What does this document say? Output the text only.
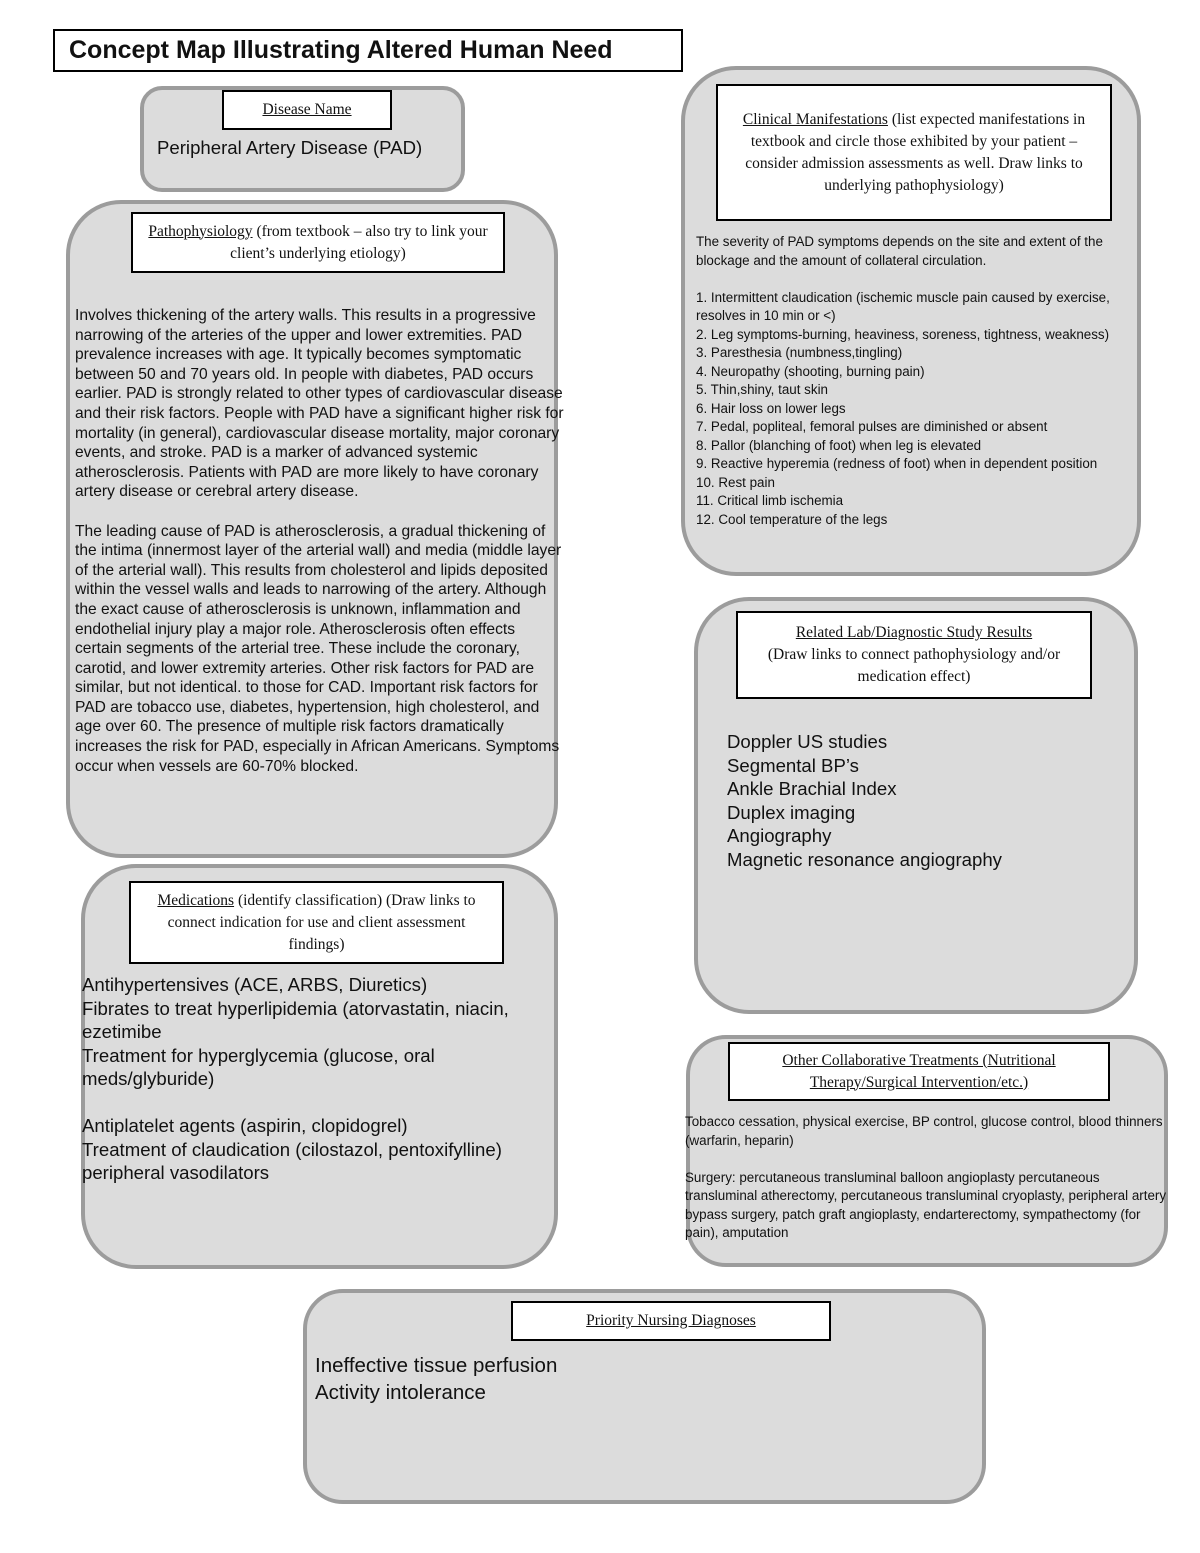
Concept Map Illustrating Altered Human Need
Disease Name
Peripheral Artery Disease (PAD)
Pathophysiology (from textbook – also try to link your client’s underlying etiology)
Involves thickening of the artery walls. This results in a progressive narrowing of the arteries of the upper and lower extremities. PAD prevalence increases with age. It typically becomes symptomatic between 50 and 70 years old. In people with diabetes, PAD occurs earlier. PAD is strongly related to other types of cardiovascular disease and their risk factors. People with PAD have a significant higher risk for mortality (in general), cardiovascular disease mortality, major coronary events, and stroke. PAD is a marker of advanced systemic atherosclerosis. Patients with PAD are more likely to have coronary artery disease or cerebral artery disease.
The leading cause of PAD is atherosclerosis, a gradual thickening of the intima (innermost layer of the arterial wall) and media (middle layer of the arterial wall). This results from cholesterol and lipids deposited within the vessel walls and leads to narrowing of the artery. Although the exact cause of atherosclerosis is unknown, inflammation and endothelial injury play a major role. Atherosclerosis often effects certain segments of the arterial tree. These include the coronary, carotid, and lower extremity arteries. Other risk factors for PAD are similar, but not identical. to those for CAD. Important risk factors for PAD are tobacco use, diabetes, hypertension, high cholesterol, and age over 60. The presence of multiple risk factors dramatically increases the risk for PAD, especially in African Americans. Symptoms occur when vessels are 60-70% blocked.
Clinical Manifestations (list expected manifestations in textbook and circle those exhibited by your patient – consider admission assessments as well. Draw links to underlying pathophysiology)
The severity of PAD symptoms depends on the site and extent of the blockage and the amount of collateral circulation.
1. Intermittent claudication (ischemic muscle pain caused by exercise, resolves in 10 min or <)
2. Leg symptoms-burning, heaviness, soreness, tightness, weakness)
3. Paresthesia (numbness,tingling)
4. Neuropathy (shooting, burning pain)
5. Thin,shiny, taut skin
6. Hair loss on lower legs
7. Pedal, popliteal, femoral pulses are diminished or absent
8. Pallor (blanching of foot) when leg is elevated
9. Reactive hyperemia (redness of foot) when in dependent position
10. Rest pain
11. Critical limb ischemia
12. Cool temperature of the legs
Related Lab/Diagnostic Study Results
(Draw links to connect pathophysiology and/or medication effect)
Doppler US studies
Segmental BP’s
Ankle Brachial Index
Duplex imaging
Angiography
Magnetic resonance angiography
Medications (identify classification) (Draw links to connect indication for use and client assessment findings)
Antihypertensives (ACE, ARBS, Diuretics)
Fibrates to treat hyperlipidemia (atorvastatin, niacin, ezetimibe
Treatment for hyperglycemia (glucose, oral meds/glyburide)
Antiplatelet agents (aspirin, clopidogrel)
Treatment of claudication (cilostazol, pentoxifylline)
peripheral vasodilators
Other Collaborative Treatments (Nutritional Therapy/Surgical Intervention/etc.)
Tobacco cessation, physical exercise, BP control, glucose control, blood thinners (warfarin, heparin)
Surgery: percutaneous transluminal balloon angioplasty percutaneous transluminal atherectomy, percutaneous transluminal cryoplasty, peripheral artery bypass surgery, patch graft angioplasty, endarterectomy, sympathectomy (for pain), amputation
Priority Nursing Diagnoses
Ineffective tissue perfusion
Activity intolerance
